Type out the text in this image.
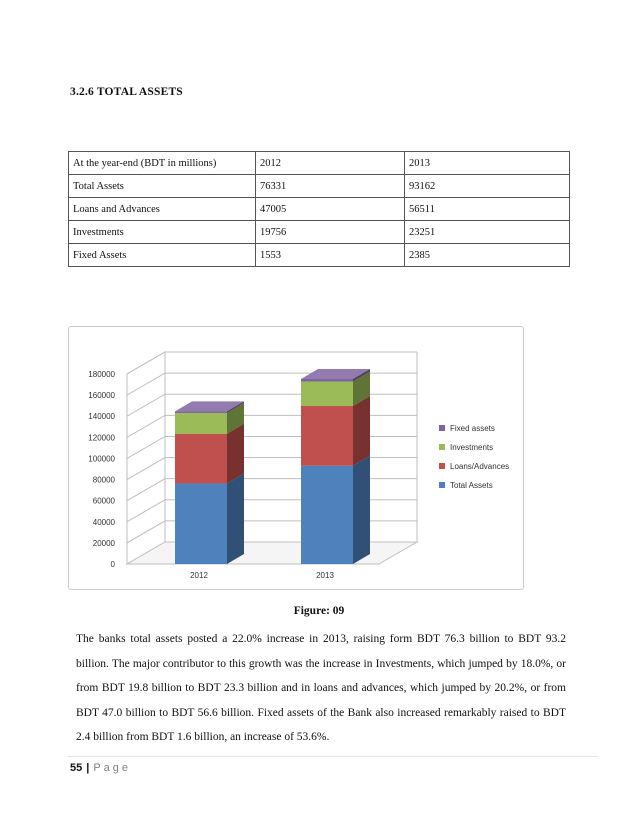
3.2.6 TOTAL ASSETS
At the year-end (BDT in millions)	2012	2013
Total Assets	76331	93162
Loans and Advances	47005	56511
Investments	19756	23251
Fixed Assets	1553	2385
0
20000
40000
60000
80000
100000
120000
140000
160000
180000
2012	2013
Fixed assets
Investments
Loans/Advances
Total Assets
Figure: 09
The banks total assets posted a 22.0% increase in 2013, raising form BDT 76.3 billion to BDT 93.2 billion. The major contributor to this growth was the increase in Investments, which jumped by 18.0%, or from BDT 19.8 billion to BDT 23.3 billion and in loans and advances, which jumped by 20.2%, or from BDT 47.0 billion to BDT 56.6 billion. Fixed assets of the Bank also increased remarkably raised to BDT 2.4 billion from BDT 1.6 billion, an increase of 53.6%.
55 | Page
